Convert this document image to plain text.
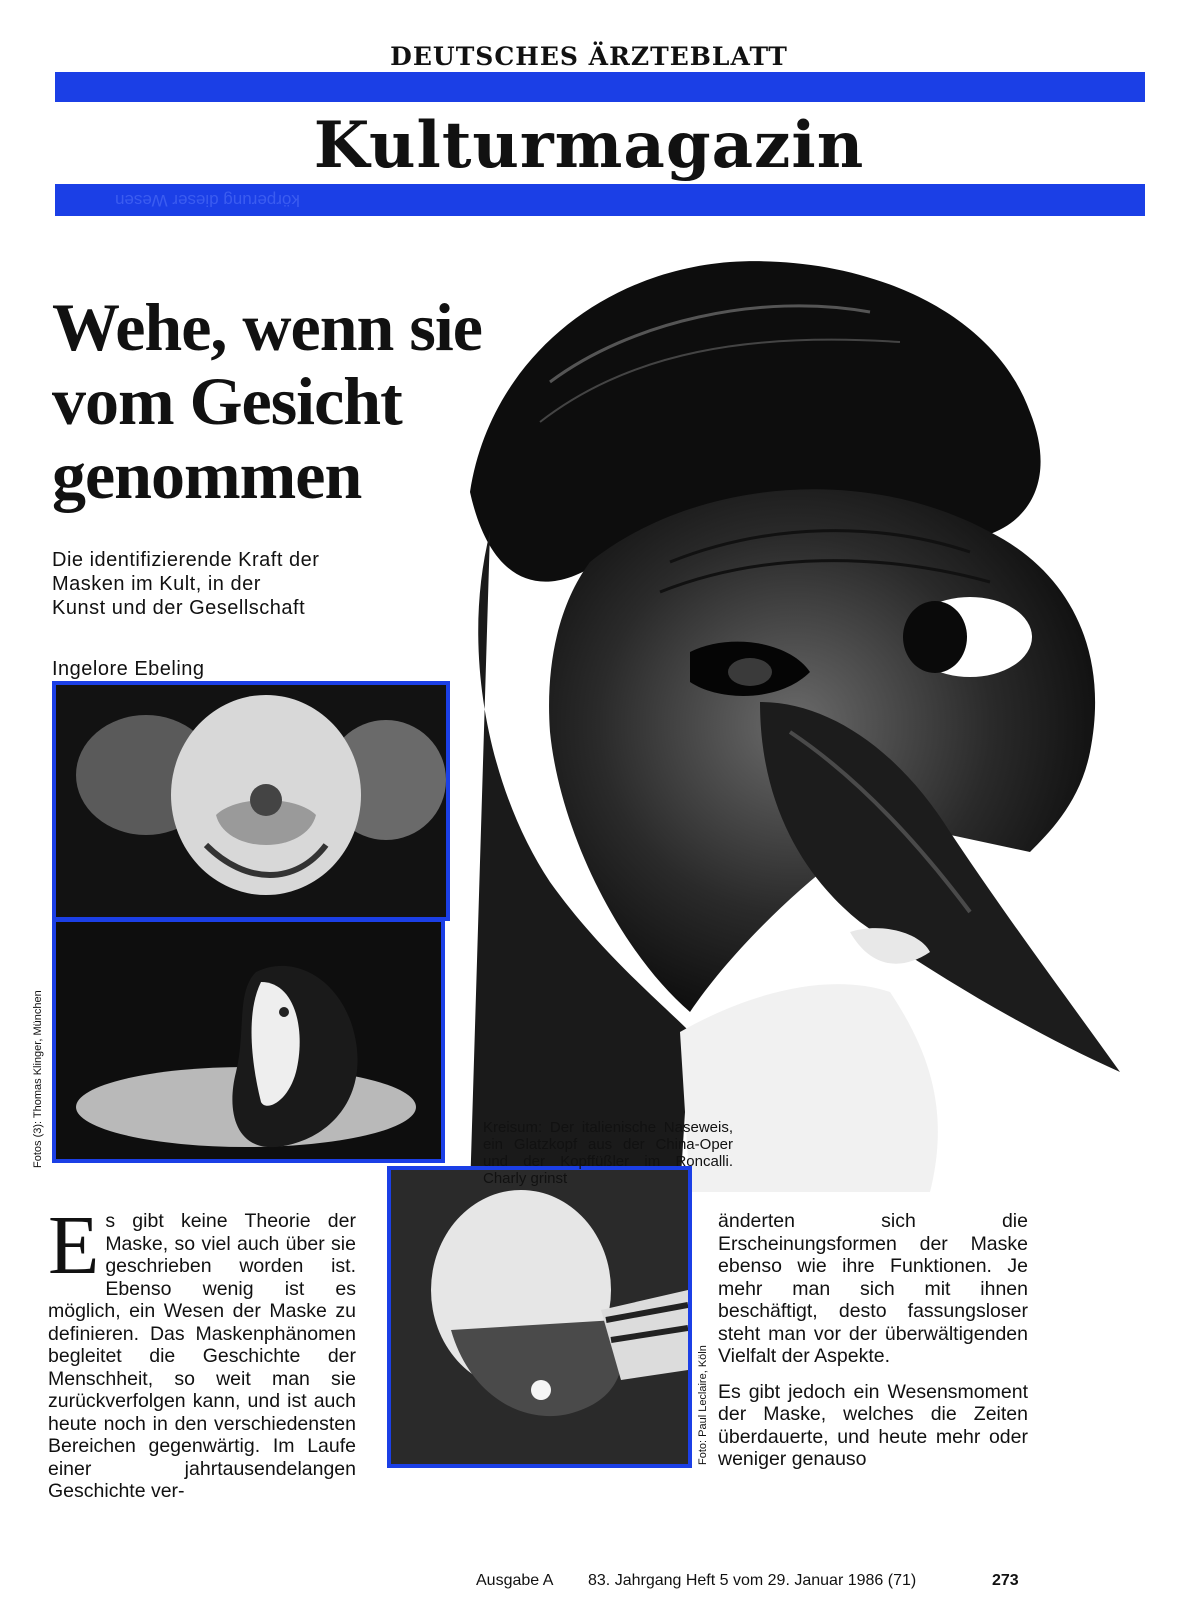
DEUTSCHES ÄRZTEBLATT
Kulturmagazin
körperung dieser Wesen
Wehe, wenn sie
vom Gesicht
genommen
Die identifizierende Kraft der
Masken im Kult, in der
Kunst und der Gesellschaft
Ingelore Ebeling
Kreisum: Der italienische Naseweis, ein Glatzkopf aus der China-Oper und der Kopffüßler im Roncalli. Charly grinst
Fotos (3): Thomas Klinger, München
Foto: Paul Leclaire, Köln
Es gibt keine Theorie der Maske, so viel auch über sie geschrieben worden ist. Ebenso wenig ist es möglich, ein Wesen der Maske zu definieren. Das Maskenphänomen begleitet die Geschichte der Menschheit, so weit man sie zurückverfolgen kann, und ist auch heute noch in den verschiedensten Bereichen gegenwärtig. Im Laufe einer jahrtausendelangen Geschichte ver-

änderten sich die Erscheinungsformen der Maske ebenso wie ihre Funktionen. Je mehr man sich mit ihnen beschäftigt, desto fassungsloser steht man vor der überwältigenden Vielfalt der Aspekte.

Es gibt jedoch ein Wesensmoment der Maske, welches die Zeiten überdauerte, und heute mehr oder weniger genauso

Ausgabe A 83. Jahrgang Heft 5 vom 29. Januar 1986 (71)	273
